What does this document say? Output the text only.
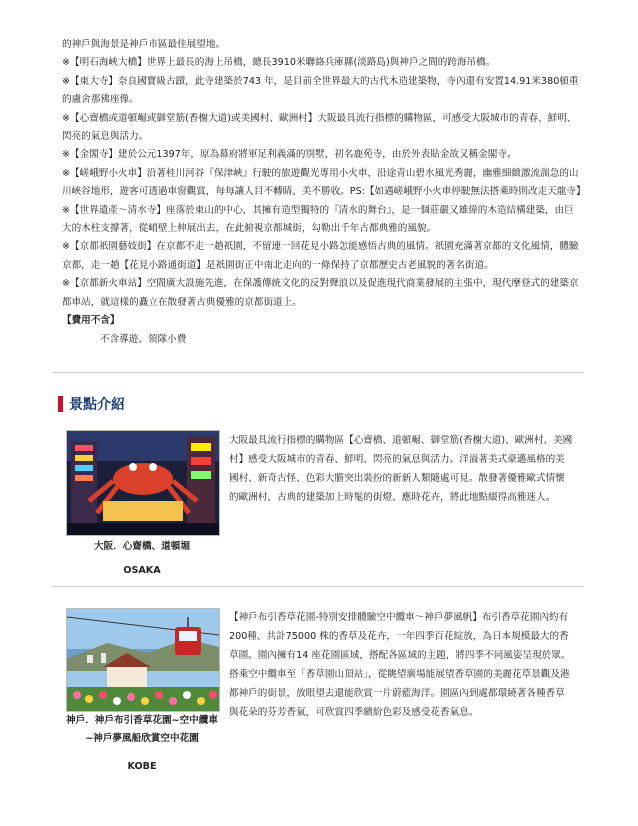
的神戶與海景是神戶市區最佳展望地。

※【明石海峽大橋】世界上最長的海上吊橋，總長3910米聯絡兵庫縣(淡路島)與神戶之間的跨海吊橋。

※【東大寺】奈良國寶級古蹟，此寺建築於743 年，是目前全世界最大的古代木造建築物，寺內還有安置14.91米380頓重的盧舍那佛座像。

※【心齋橋或道頓崛或御堂筋(香榭大道)或美國村、歐洲村】大阪最具流行指標的購物區，可感受大阪城市的青春、鮮明、閃亮的氣息與活力。

※【金閣寺】建於公元1397年，原為幕府將軍足利義滿的別墅，初名鹿苑寺，由於外表貼金故又稱金閣寺。

※【嵯峨野小火車】沿著桂川河谷『保津峽』行駛的旅遊觀光專用小火車，沿途青山碧水風光秀麗，幽雅細緻激流湍急的山川峽谷地形，遊客可透過車窗觀賞，每每讓人目不轉睛、美不勝收。PS:【如遇嵯峨野小火車停駛無法搭乘時則改走天龍寺】

※【世界遺產～清水寺】座落於東山的中心，其擁有造型獨特的『清水的舞台』，是一個莊嚴又雄偉的木造結構建築，由巨大的木柱支撐著，從峭壁上伸展出去，在此俯視京都城街，勾勒出千年古都典雅的風貌。

※【京都祇園藝妓街】在京都不走一趟祇園，不留連一回花見小路怎能感悟古典的風情。祇園充滿著京都的文化風情，體驗京都，走一趟【花見小路通街道】是祇園街正中南北走向的一條保持了京都歷史古老風貌的著名街道。

※【京都新火車站】空間廣大設施先進，在保護傳統文化的反對聲浪以及促進現代商業發展的主張中，現代摩登式的建築京都車站，就這樣的矗立在散發著古典優雅的京都街道上。

【費用不含】

不含導遊、領隊小費

景點介紹
大阪．心齋橋、道頓堀
OSAKA
大阪最具流行指標的購物區【心齋橋、道頓崛、御堂筋(香榭大道)、歐洲村、美國村】感受大阪城市的青春、鮮明、閃亮的氣息與活力。洋溢著美式豪邁風格的美國村、新奇古怪、色彩大膽突出裝扮的新新人類隨處可見。散發著優雅歐式情懷的歐洲村，古典的建築加上時髦的街燈、應時花卉，將此地點綴得高雅迷人。
神戶．神戶布引香草花園~空中纜車~神戶夢風船欣賞空中花園
KOBE
【神戶布引香草花園-特別安排體驗空中纜車～神戶夢風帆】布引香草花園內約有200種、共計75000 株的香草及花卉，一年四季百花綻放，為日本規模最大的香草園。園內擁有14 座花園區域，搭配各區域的主題，將四季不同風姿呈現於眾。搭乘空中纜車至「香草園山頂站」，從眺望廣場能展望香草園的美麗花草景觀及港都神戶的街景，放眼望去還能欣賞一片蔚藍海洋。園區內到處都環繞著各種香草與花朵的芬芳香氣，可欣賞四季繽紛色彩及感受花香氣息。
